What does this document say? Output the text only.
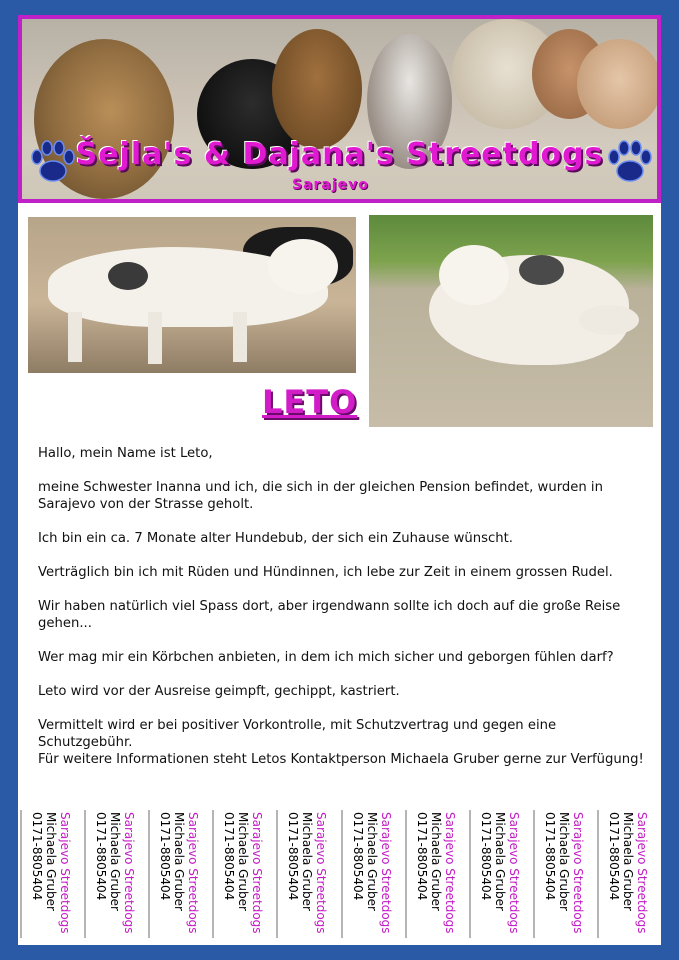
Šejla's & Dajana's Streetdogs
Sarajevo
LETO

Hallo, mein Name ist Leto,

meine Schwester Inanna und ich, die sich in der gleichen Pension befindet, wurden in Sarajevo von der Strasse geholt.

Ich bin ein ca. 7 Monate alter Hundebub, der sich ein Zuhause wünscht.

Verträglich bin ich mit Rüden und Hündinnen, ich lebe zur Zeit in einem grossen Rudel.

Wir haben natürlich viel Spass dort, aber irgendwann sollte ich doch auf die große Reise gehen...

Wer mag mir ein Körbchen anbieten, in dem ich mich sicher und geborgen fühlen darf?

Leto wird vor der Ausreise geimpft, gechippt, kastriert.

Vermittelt wird er bei positiver Vorkontrolle, mit Schutzvertrag und gegen eine Schutzgebühr.

Für weitere Informationen steht Letos Kontaktperson Michaela Gruber gerne zur Verfügung!

Sarajevo Streetdogs
Michaela Gruber
0171-8805404	Sarajevo Streetdogs
Michaela Gruber
0171-8805404	Sarajevo Streetdogs
Michaela Gruber
0171-8805404	Sarajevo Streetdogs
Michaela Gruber
0171-8805404	Sarajevo Streetdogs
Michaela Gruber
0171-8805404	Sarajevo Streetdogs
Michaela Gruber
0171-8805404	Sarajevo Streetdogs
Michaela Gruber
0171-8805404	Sarajevo Streetdogs
Michaela Gruber
0171-8805404	Sarajevo Streetdogs
Michaela Gruber
0171-8805404	Sarajevo Streetdogs
Michaela Gruber
0171-8805404
